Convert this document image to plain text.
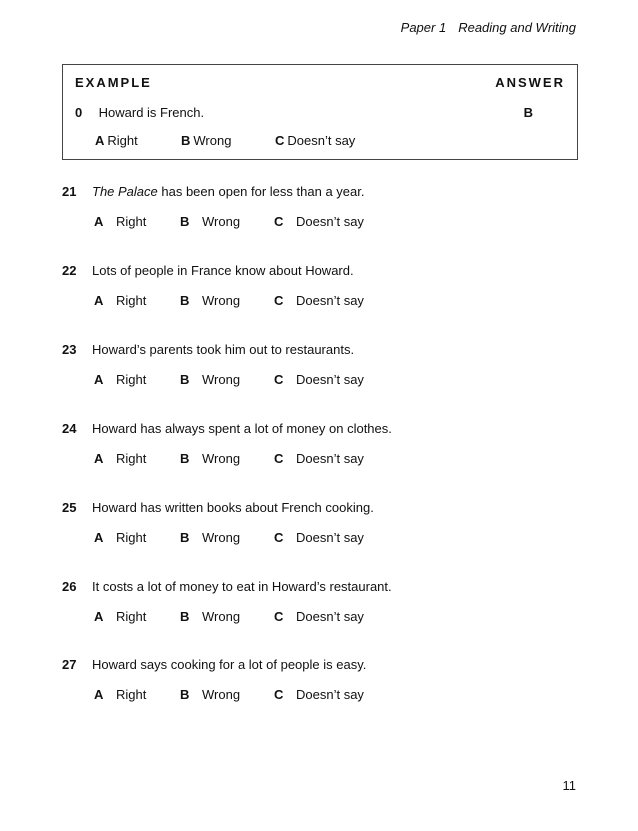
Paper 1 Reading and Writing
EXAMPLE	ANSWER
0 Howard is French.	B
A Right	B Wrong	C Doesn’t say
21 The Palace has been open for less than a year.
A Right	B Wrong	C Doesn’t say
22 Lots of people in France know about Howard.
A Right	B Wrong	C Doesn’t say
23 Howard’s parents took him out to restaurants.
A Right	B Wrong	C Doesn’t say
24 Howard has always spent a lot of money on clothes.
A Right	B Wrong	C Doesn’t say
25 Howard has written books about French cooking.
A Right	B Wrong	C Doesn’t say
26 It costs a lot of money to eat in Howard’s restaurant.
A Right	B Wrong	C Doesn’t say
27 Howard says cooking for a lot of people is easy.
A Right	B Wrong	C Doesn’t say
11
